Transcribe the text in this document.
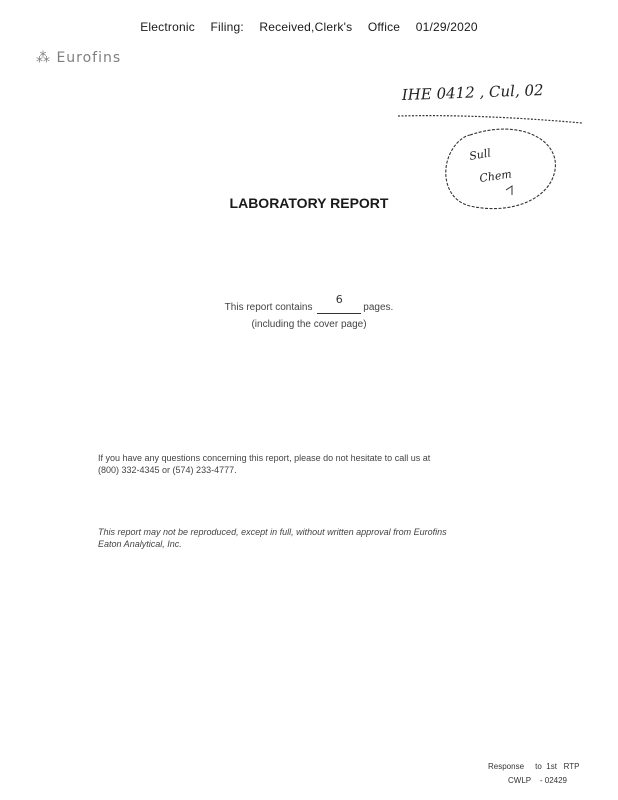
Electronic Filing: Received,Clerk's Office 01/29/2020
⁂ Eurofins
IHE 0412 , Cul, 02
Sull
Chem
LABORATORY REPORT
This report contains
6
pages.
(including the cover page)
If you have any questions concerning this report, please do not hesitate to call us at
(800) 332-4345 or (574) 233-4777.
This report may not be reproduced, except in full, without written approval from Eurofins
Eaton Analytical, Inc.
Response     to  1st   RTP
CWLP    - 02429
